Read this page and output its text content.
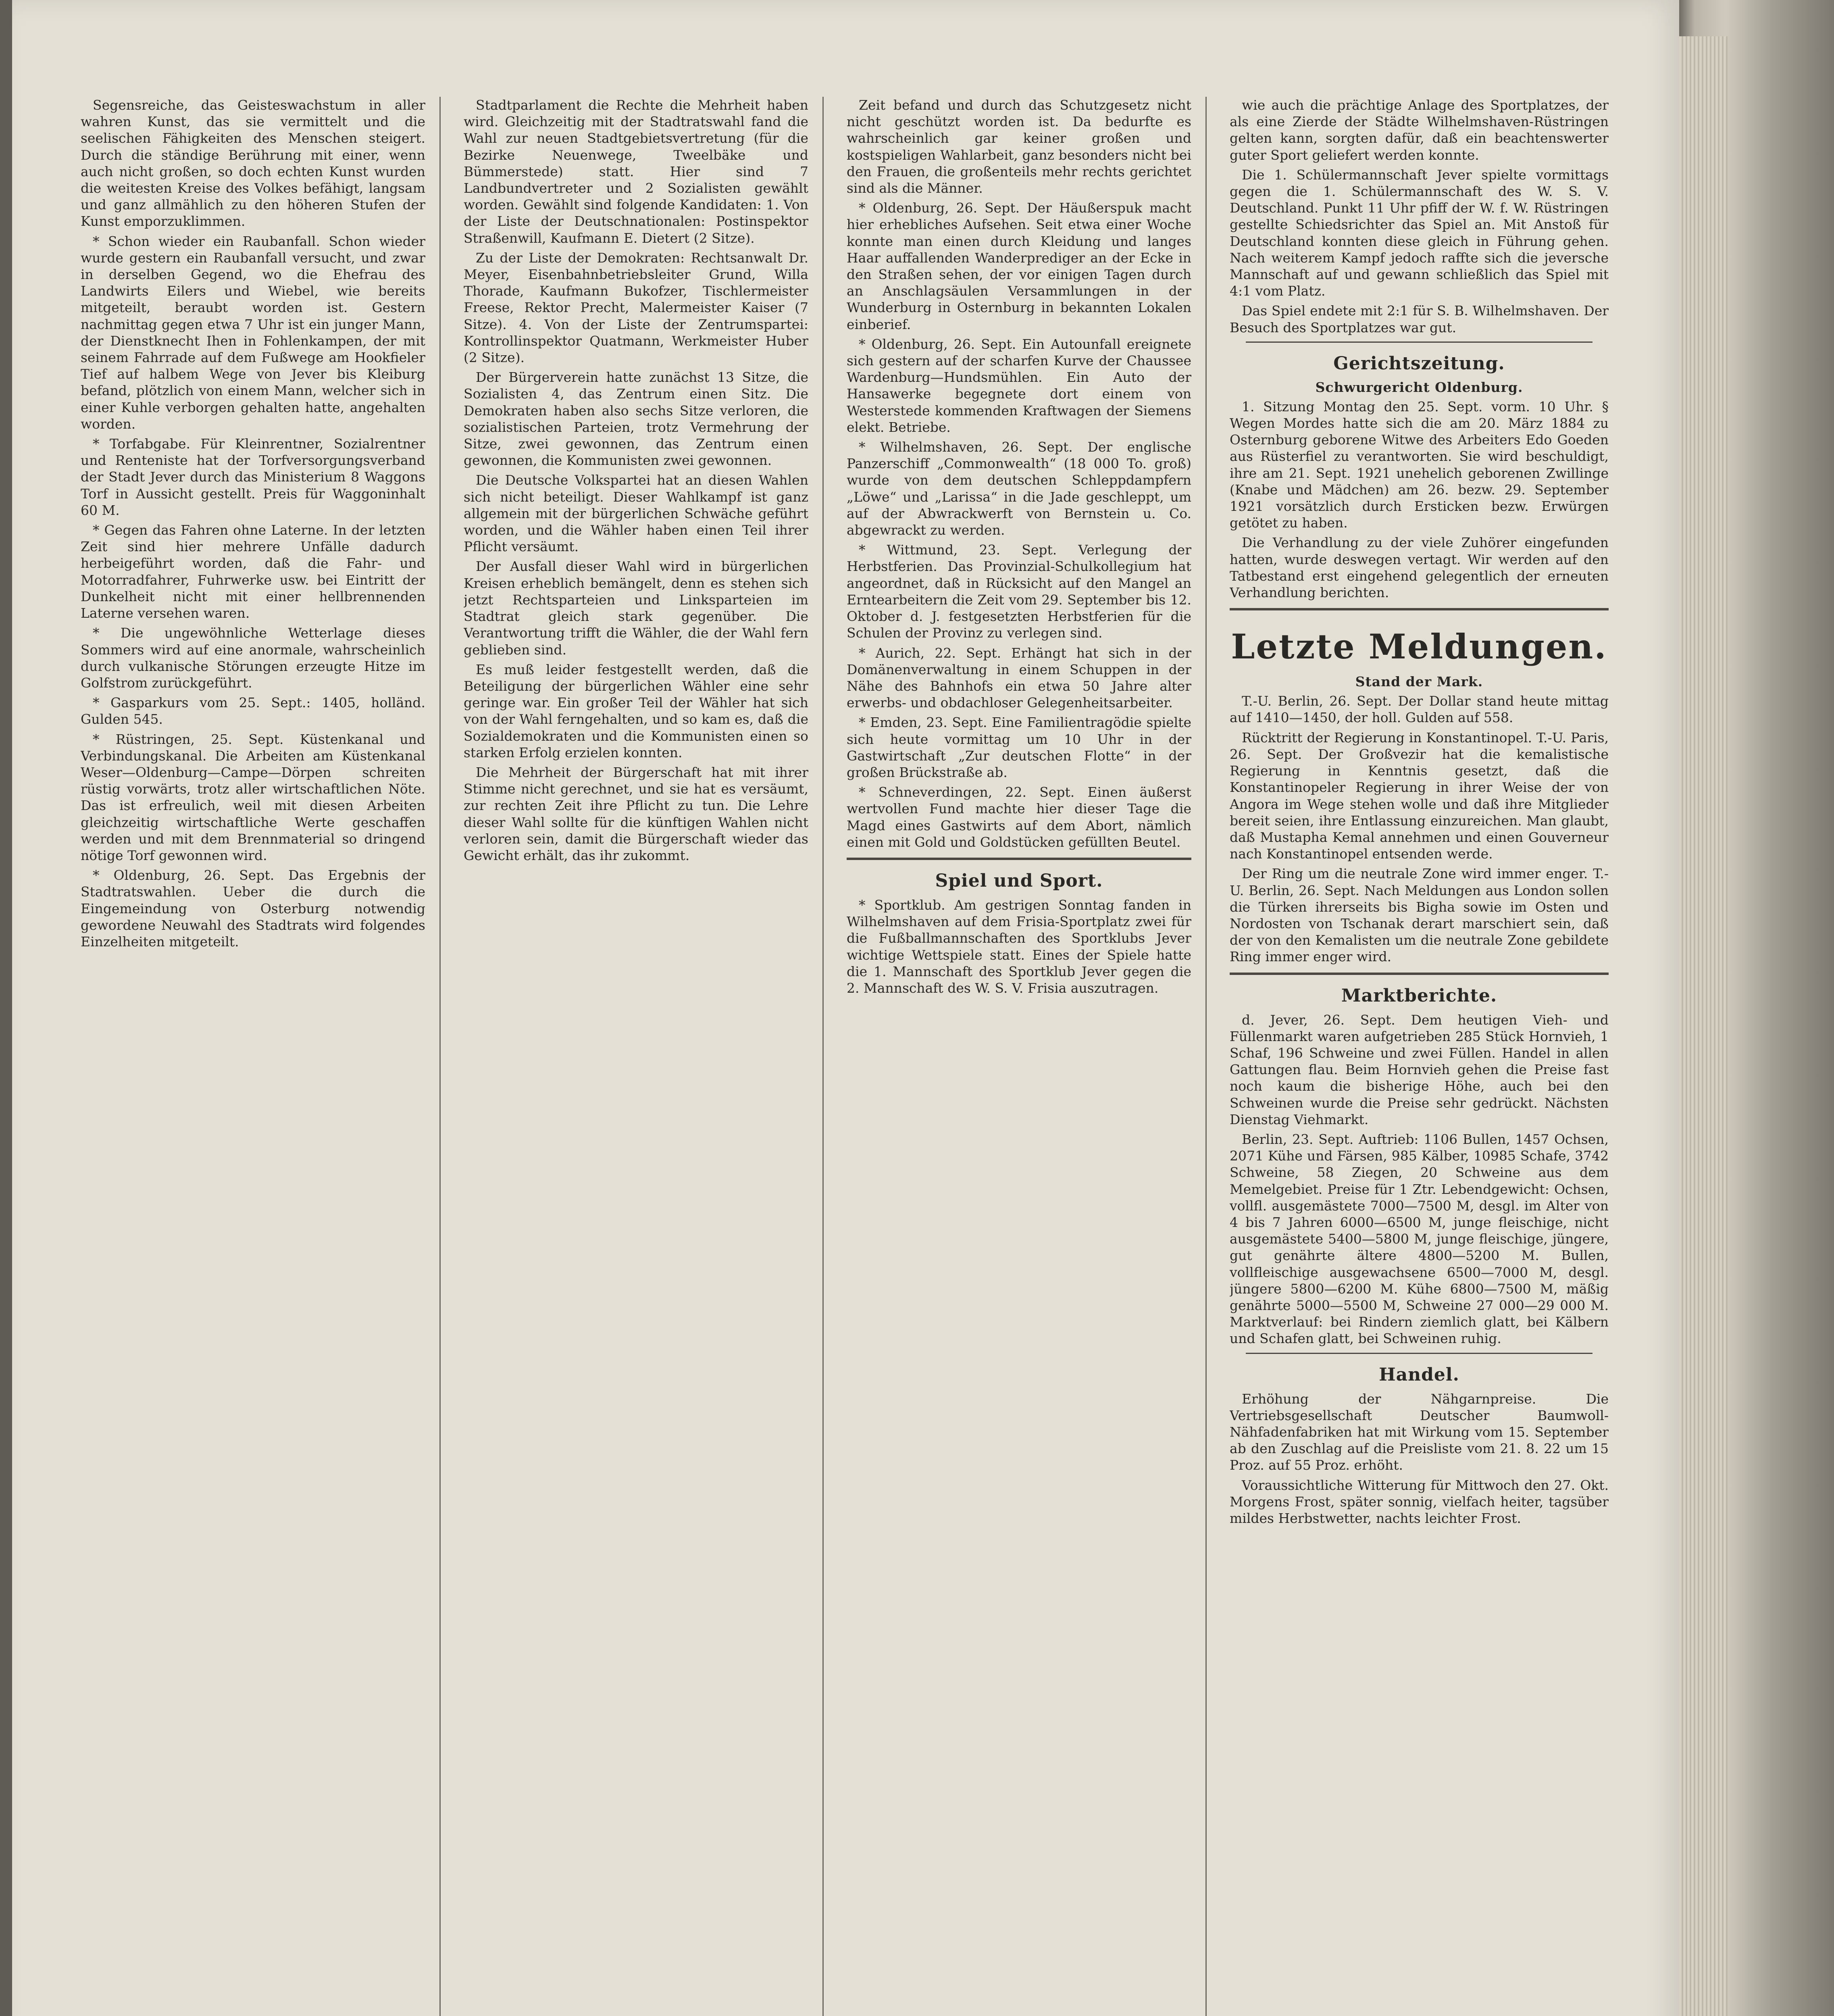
Segensreiche, das Geisteswachstum in aller wahren Kunst, das sie vermittelt und die seelischen Fähigkeiten des Menschen steigert. Durch die ständige Berührung mit einer, wenn auch nicht großen, so doch echten Kunst wurden die weitesten Kreise des Volkes befähigt, langsam und ganz allmählich zu den höheren Stufen der Kunst emporzuklimmen.

* Schon wieder ein Raubanfall. Schon wieder wurde gestern ein Raubanfall versucht, und zwar in derselben Gegend, wo die Ehefrau des Landwirts Eilers und Wiebel, wie bereits mitgeteilt, beraubt worden ist. Gestern nachmittag gegen etwa 7 Uhr ist ein junger Mann, der Dienstknecht Ihen in Fohlenkampen, der mit seinem Fahrrade auf dem Fußwege am Hookfieler Tief auf halbem Wege von Jever bis Kleiburg befand, plötzlich von einem Mann, welcher sich in einer Kuhle verborgen gehalten hatte, angehalten worden.

* Torfabgabe. Für Kleinrentner, Sozialrentner und Renteniste hat der Torfversorgungsverband der Stadt Jever durch das Ministerium 8 Waggons Torf in Aussicht gestellt. Preis für Waggoninhalt 60 M.

* Gegen das Fahren ohne Laterne. In der letzten Zeit sind hier mehrere Unfälle dadurch herbeigeführt worden, daß die Fahr- und Motorradfahrer, Fuhrwerke usw. bei Eintritt der Dunkelheit nicht mit einer hellbrennenden Laterne versehen waren.

* Die ungewöhnliche Wetterlage dieses Sommers wird auf eine anormale, wahrscheinlich durch vulkanische Störungen erzeugte Hitze im Golfstrom zurückgeführt.

* Gasparkurs vom 25. Sept.: 1405, holländ. Gulden 545.

* Rüstringen, 25. Sept. Küstenkanal und Verbindungskanal. Die Arbeiten am Küstenkanal Weser—Oldenburg—Campe—Dörpen schreiten rüstig vorwärts, trotz aller wirtschaftlichen Nöte. Das ist erfreulich, weil mit diesen Arbeiten gleichzeitig wirtschaftliche Werte geschaffen werden und mit dem Brennmaterial so dringend nötige Torf gewonnen wird.

* Oldenburg, 26. Sept. Das Ergebnis der Stadtratswahlen. Ueber die durch die Eingemeindung von Osterburg notwendig gewordene Neuwahl des Stadtrats wird folgendes Einzelheiten mitgeteilt.

Stadtparlament die Rechte die Mehrheit haben wird. Gleichzeitig mit der Stadtratswahl fand die Wahl zur neuen Stadtgebietsvertretung (für die Bezirke Neuenwege, Tweelbäke und Bümmerstede) statt. Hier sind 7 Landbundvertreter und 2 Sozialisten gewählt worden. Gewählt sind folgende Kandidaten: 1. Von der Liste der Deutschnationalen: Postinspektor Straßenwill, Kaufmann E. Dietert (2 Sitze).

Zu der Liste der Demokraten: Rechtsanwalt Dr. Meyer, Eisenbahnbetriebsleiter Grund, Willa Thorade, Kaufmann Bukofzer, Tischlermeister Freese, Rektor Precht, Malermeister Kaiser (7 Sitze). 4. Von der Liste der Zentrumspartei: Kontrollinspektor Quatmann, Werkmeister Huber (2 Sitze).

Der Bürgerverein hatte zunächst 13 Sitze, die Sozialisten 4, das Zentrum einen Sitz. Die Demokraten haben also sechs Sitze verloren, die sozialistischen Parteien, trotz Vermehrung der Sitze, zwei gewonnen, das Zentrum einen gewonnen, die Kommunisten zwei gewonnen.

Die Deutsche Volkspartei hat an diesen Wahlen sich nicht beteiligt. Dieser Wahlkampf ist ganz allgemein mit der bürgerlichen Schwäche geführt worden, und die Wähler haben einen Teil ihrer Pflicht versäumt.

Der Ausfall dieser Wahl wird in bürgerlichen Kreisen erheblich bemängelt, denn es stehen sich jetzt Rechtsparteien und Linksparteien im Stadtrat gleich stark gegenüber. Die Verantwortung trifft die Wähler, die der Wahl fern geblieben sind.

Es muß leider festgestellt werden, daß die Beteiligung der bürgerlichen Wähler eine sehr geringe war. Ein großer Teil der Wähler hat sich von der Wahl ferngehalten, und so kam es, daß die Sozialdemokraten und die Kommunisten einen so starken Erfolg erzielen konnten.

Die Mehrheit der Bürgerschaft hat mit ihrer Stimme nicht gerechnet, und sie hat es versäumt, zur rechten Zeit ihre Pflicht zu tun. Die Lehre dieser Wahl sollte für die künftigen Wahlen nicht verloren sein, damit die Bürgerschaft wieder das Gewicht erhält, das ihr zukommt.

Zeit befand und durch das Schutzgesetz nicht nicht geschützt worden ist. Da bedurfte es wahrscheinlich gar keiner großen und kostspieligen Wahlarbeit, ganz besonders nicht bei den Frauen, die großenteils mehr rechts gerichtet sind als die Männer.

* Oldenburg, 26. Sept. Der Häußerspuk macht hier erhebliches Aufsehen. Seit etwa einer Woche konnte man einen durch Kleidung und langes Haar auffallenden Wanderprediger an der Ecke in den Straßen sehen, der vor einigen Tagen durch an Anschlagsäulen Versammlungen in der Wunderburg in Osternburg in bekannten Lokalen einberief.

* Oldenburg, 26. Sept. Ein Autounfall ereignete sich gestern auf der scharfen Kurve der Chaussee Wardenburg—Hundsmühlen. Ein Auto der Hansawerke begegnete dort einem von Westerstede kommenden Kraftwagen der Siemens elekt. Betriebe.

* Wilhelmshaven, 26. Sept. Der englische Panzerschiff „Commonwealth“ (18 000 To. groß) wurde von dem deutschen Schleppdampfern „Löwe“ und „Larissa“ in die Jade geschleppt, um auf der Abwrackwerft von Bernstein u. Co. abgewrackt zu werden.

* Wittmund, 23. Sept. Verlegung der Herbstferien. Das Provinzial-Schulkollegium hat angeordnet, daß in Rücksicht auf den Mangel an Erntearbeitern die Zeit vom 29. September bis 12. Oktober d. J. festgesetzten Herbstferien für die Schulen der Provinz zu verlegen sind.

* Aurich, 22. Sept. Erhängt hat sich in der Domänenverwaltung in einem Schuppen in der Nähe des Bahnhofs ein etwa 50 Jahre alter erwerbs- und obdachloser Gelegenheitsarbeiter.

* Emden, 23. Sept. Eine Familientragödie spielte sich heute vormittag um 10 Uhr in der Gastwirtschaft „Zur deutschen Flotte“ in der großen Brückstraße ab.

* Schneverdingen, 22. Sept. Einen äußerst wertvollen Fund machte hier dieser Tage die Magd eines Gastwirts auf dem Abort, nämlich einen mit Gold und Goldstücken gefüllten Beutel.

Spiel und Sport.

* Sportklub. Am gestrigen Sonntag fanden in Wilhelmshaven auf dem Frisia-Sportplatz zwei für die Fußballmannschaften des Sportklubs Jever wichtige Wettspiele statt. Eines der Spiele hatte die 1. Mannschaft des Sportklub Jever gegen die 2. Mannschaft des W. S. V. Frisia auszutragen.

wie auch die prächtige Anlage des Sportplatzes, der als eine Zierde der Städte Wilhelmshaven-Rüstringen gelten kann, sorgten dafür, daß ein beachtenswerter guter Sport geliefert werden konnte.

Die 1. Schülermannschaft Jever spielte vormittags gegen die 1. Schülermannschaft des W. S. V. Deutschland. Punkt 11 Uhr pfiff der W. f. W. Rüstringen gestellte Schiedsrichter das Spiel an. Mit Anstoß für Deutschland konnten diese gleich in Führung gehen. Nach weiterem Kampf jedoch raffte sich die jeversche Mannschaft auf und gewann schließlich das Spiel mit 4:1 vom Platz.

Das Spiel endete mit 2:1 für S. B. Wilhelmshaven. Der Besuch des Sportplatzes war gut.

Gerichtszeitung.
Schwurgericht Oldenburg.

1. Sitzung Montag den 25. Sept. vorm. 10 Uhr. § Wegen Mordes hatte sich die am 20. März 1884 zu Osternburg geborene Witwe des Arbeiters Edo Goeden aus Rüsterfiel zu verantworten. Sie wird beschuldigt, ihre am 21. Sept. 1921 unehelich geborenen Zwillinge (Knabe und Mädchen) am 26. bezw. 29. September 1921 vorsätzlich durch Ersticken bezw. Erwürgen getötet zu haben.

Die Verhandlung zu der viele Zuhörer eingefunden hatten, wurde deswegen vertagt. Wir werden auf den Tatbestand erst eingehend gelegentlich der erneuten Verhandlung berichten.

Letzte Meldungen.
Stand der Mark.

T.-U. Berlin, 26. Sept. Der Dollar stand heute mittag auf 1410—1450, der holl. Gulden auf 558.

Rücktritt der Regierung in Konstantinopel. T.-U. Paris, 26. Sept. Der Großvezir hat die kemalistische Regierung in Kenntnis gesetzt, daß die Konstantinopeler Regierung in ihrer Weise der von Angora im Wege stehen wolle und daß ihre Mitglieder bereit seien, ihre Entlassung einzureichen. Man glaubt, daß Mustapha Kemal annehmen und einen Gouverneur nach Konstantinopel entsenden werde.

Der Ring um die neutrale Zone wird immer enger. T.-U. Berlin, 26. Sept. Nach Meldungen aus London sollen die Türken ihrerseits bis Bigha sowie im Osten und Nordosten von Tschanak derart marschiert sein, daß der von den Kemalisten um die neutrale Zone gebildete Ring immer enger wird.

Marktberichte.

d. Jever, 26. Sept. Dem heutigen Vieh- und Füllenmarkt waren aufgetrieben 285 Stück Hornvieh, 1 Schaf, 196 Schweine und zwei Füllen. Handel in allen Gattungen flau. Beim Hornvieh gehen die Preise fast noch kaum die bisherige Höhe, auch bei den Schweinen wurde die Preise sehr gedrückt. Nächsten Dienstag Viehmarkt.

Berlin, 23. Sept. Auftrieb: 1106 Bullen, 1457 Ochsen, 2071 Kühe und Färsen, 985 Kälber, 10985 Schafe, 3742 Schweine, 58 Ziegen, 20 Schweine aus dem Memelgebiet. Preise für 1 Ztr. Lebendgewicht: Ochsen, vollfl. ausgemästete 7000—7500 M, desgl. im Alter von 4 bis 7 Jahren 6000—6500 M, junge fleischige, nicht ausgemästete 5400—5800 M, junge fleischige, jüngere, gut genährte ältere 4800—5200 M. Bullen, vollfleischige ausgewachsene 6500—7000 M, desgl. jüngere 5800—6200 M. Kühe 6800—7500 M, mäßig genährte 5000—5500 M, Schweine 27 000—29 000 M. Marktverlauf: bei Rindern ziemlich glatt, bei Kälbern und Schafen glatt, bei Schweinen ruhig.

Handel.

Erhöhung der Nähgarnpreise. Die Vertriebsgesellschaft Deutscher Baumwoll-Nähfadenfabriken hat mit Wirkung vom 15. September ab den Zuschlag auf die Preisliste vom 21. 8. 22 um 15 Proz. auf 55 Proz. erhöht.

Voraussichtliche Witterung für Mittwoch den 27. Okt. Morgens Frost, später sonnig, vielfach heiter, tagsüber mildes Herbstwetter, nachts leichter Frost.
